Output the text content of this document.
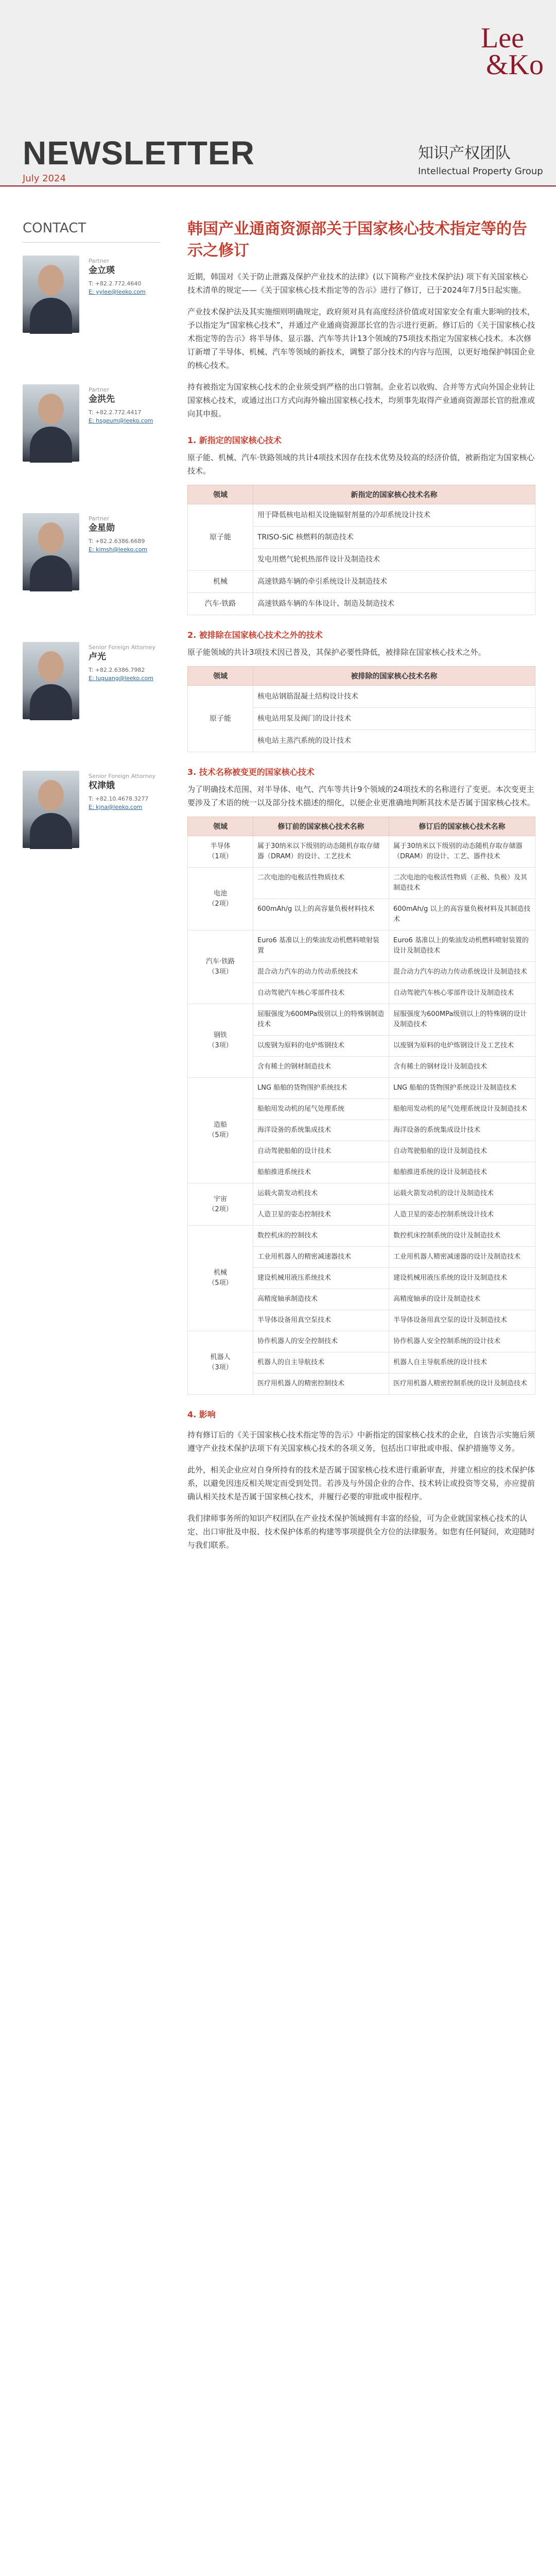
Lee
&Ko
NEWSLETTER
July 2024
知识产权团队
Intellectual Property Group
CONTACT
Partner
金立瑛
T: +82.2.772.4640
E: yylee@leeko.com
Partner
金洪先
T: +82.2.772.4417
E: hsgeum@leeko.com
Partner
金星勋
T: +82.2.6386.6689
E: kimsh@leeko.com
Senior Foreign Attorney
卢光
T: +82.2.6386.7982
E: luguang@leeko.com
Senior Foreign Attorney
权津娥
T: +82.10.4678.3277
E: kjna@leeko.com
韩国产业通商资源部关于国家核心技术指定等的告示之修订
近期，韩国对《关于防止泄露及保护产业技术的法律》(以下简称产业技术保护法) 项下有关国家核心技术清单的规定——《关于国家核心技术指定等的告示》进行了修订，已于2024年7月5日起实施。
产业技术保护法及其实施细则明确规定，政府须对具有高度经济价值或对国家安全有重大影响的技术，予以指定为“国家核心技术”，并通过产业通商资源部长官的告示进行更新。修订后的《关于国家核心技术指定等的告示》将半导体、显示器、汽车等共计13个领域的75项技术指定为国家核心技术。本次修订新增了半导体、机械、汽车等领域的新技术，调整了部分技术的内容与范围，以更好地保护韩国企业的核心技术。
持有被指定为国家核心技术的企业须受到严格的出口管制。企业若以收购、合并等方式向外国企业转让国家核心技术，或通过出口方式向海外输出国家核心技术，均须事先取得产业通商资源部长官的批准或向其申报。
1. 新指定的国家核心技术
原子能、机械、汽车·铁路领域的共计4项技术因存在技术优势及较高的经济价值，被新指定为国家核心技术。
领域	新指定的国家核心技术名称
原子能	用于降低核电站相关设施辐射剂量的冷却系统设计技术
	TRISO-SiC 核燃料的制造技术
	发电用燃气轮机热部件设计及制造技术
机械	高速铁路车辆的牵引系统设计及制造技术
汽车·铁路	高速铁路车辆的车体设计、制造及制造技术
2. 被排除在国家核心技术之外的技术
原子能领域的共计3项技术因已普及，其保护必要性降低，被排除在国家核心技术之外。
领域	被排除的国家核心技术名称
原子能	核电站钢筋混凝土结构设计技术
	核电站用泵及阀门的设计技术
	核电站主蒸汽系统的设计技术
3. 技术名称被变更的国家核心技术
为了明确技术范围、对半导体、电气、汽车等共计9个领域的24项技术的名称进行了变更。本次变更主要涉及了术语的统一以及部分技术描述的细化，以便企业更准确地判断其技术是否属于国家核心技术。
领域	修订前的国家核心技术名称	修订后的国家核心技术名称
半导体
（1项）	属于30纳米以下级别的动态随机存取存储器（DRAM）的设计、工艺技术	属于30纳米以下级别的动态随机存取存储器（DRAM）的设计、工艺、器件技术
电池
（2项）	二次电池的电极活性物质技术	二次电池的电极活性物质（正极、负极）及其制造技术
	600mAh/g 以上的高容量负极材料技术	600mAh/g 以上的高容量负极材料及其制造技术
汽车·铁路
（3项）	Euro6 基准以上的柴油发动机燃料喷射装置	Euro6 基准以上的柴油发动机燃料喷射装置的设计及制造技术
	混合动力汽车的动力传动系统技术	混合动力汽车的动力传动系统设计及制造技术
	自动驾驶汽车核心零部件技术	自动驾驶汽车核心零部件设计及制造技术
钢铁
（3项）	屈服强度为600MPa级别以上的特殊钢制造技术	屈服强度为600MPa级别以上的特殊钢的设计及制造技术
	以废钢为原料的电炉炼钢技术	以废钢为原料的电炉炼钢设计及工艺技术
	含有稀土的钢材制造技术	含有稀土的钢材设计及制造技术
造船
（5项）	LNG 船舶的货物围护系统技术	LNG 船舶的货物围护系统设计及制造技术
	船舶用发动机的尾气处理系统	船舶用发动机的尾气处理系统设计及制造技术
	海洋设备的系统集成技术	海洋设备的系统集成设计技术
	自动驾驶船舶的设计技术	自动驾驶船舶的设计及制造技术
	船舶推进系统技术	船舶推进系统的设计及制造技术
宇宙
（2项）	运载火箭发动机技术	运载火箭发动机的设计及制造技术
	人造卫星的姿态控制技术	人造卫星的姿态控制系统设计技术
机械
（5项）	数控机床的控制技术	数控机床控制系统的设计及制造技术
	工业用机器人的精密减速器技术	工业用机器人精密减速器的设计及制造技术
	建设机械用液压系统技术	建设机械用液压系统的设计及制造技术
	高精度轴承制造技术	高精度轴承的设计及制造技术
	半导体设备用真空泵技术	半导体设备用真空泵的设计及制造技术
机器人
（3项）	协作机器人的安全控制技术	协作机器人安全控制系统的设计技术
	机器人的自主导航技术	机器人自主导航系统的设计技术
	医疗用机器人的精密控制技术	医疗用机器人精密控制系统的设计及制造技术
4. 影响
持有修订后的《关于国家核心技术指定等的告示》中新指定的国家核心技术的企业，自该告示实施后须遵守产业技术保护法项下有关国家核心技术的各项义务，包括出口审批或申报、保护措施等义务。
此外，相关企业应对自身所持有的技术是否属于国家核心技术进行重新审查，并建立相应的技术保护体系，以避免因违反相关规定而受到处罚。若涉及与外国企业的合作、技术转让或投资等交易，亦应提前确认相关技术是否属于国家核心技术，并履行必要的审批或申报程序。
我们律师事务所的知识产权团队在产业技术保护领域拥有丰富的经验，可为企业就国家核心技术的认定、出口审批及申报、技术保护体系的构建等事项提供全方位的法律服务。如您有任何疑问，欢迎随时与我们联系。
